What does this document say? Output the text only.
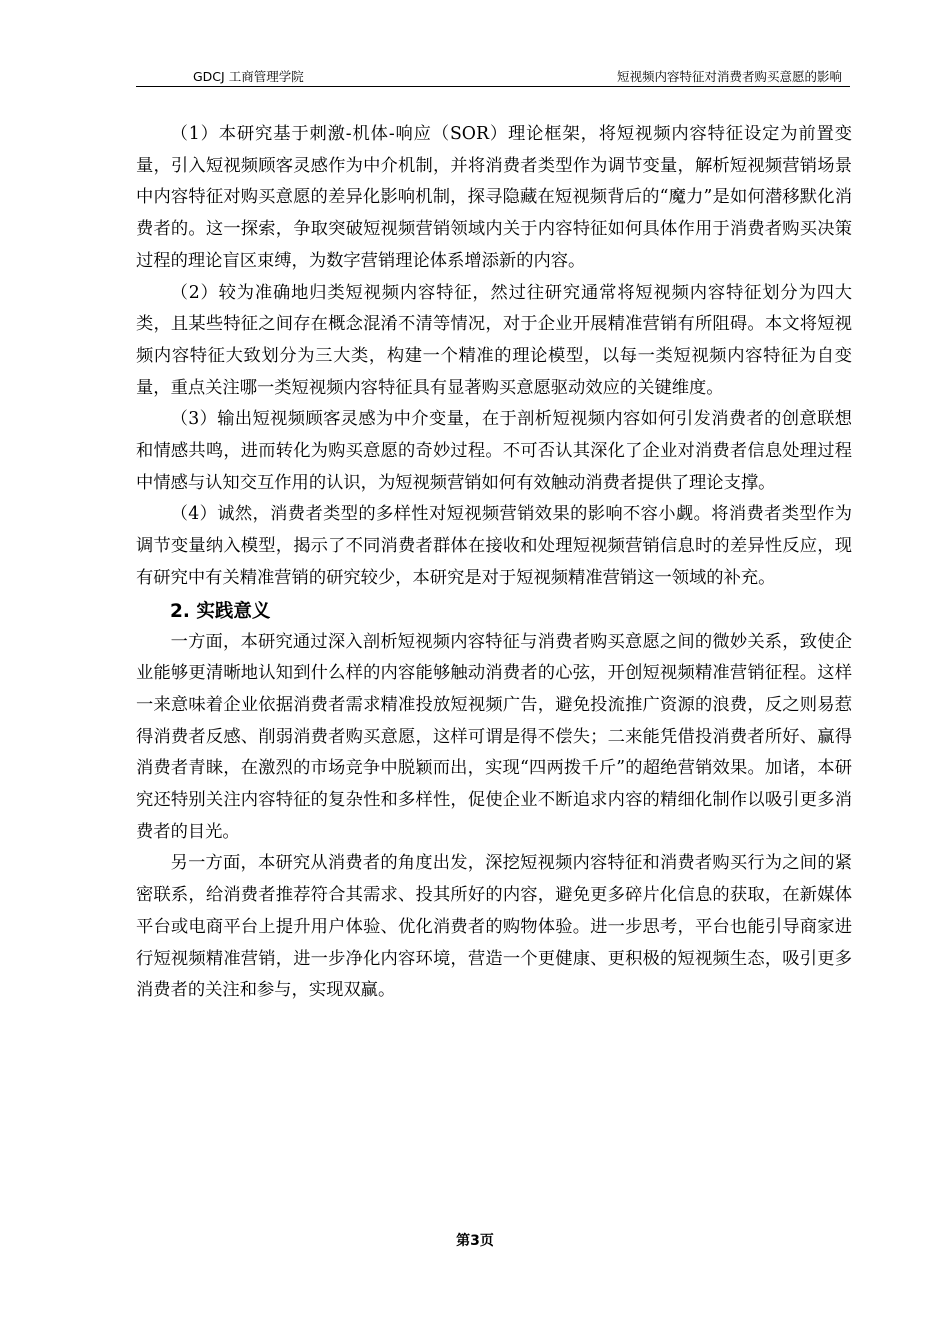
GDCJ 工商管理学院	短视频内容特征对消费者购买意愿的影响

（1）本研究基于刺激-机体-响应（SOR）理论框架，将短视频内容特征设定为前置变量，引入短视频顾客灵感作为中介机制，并将消费者类型作为调节变量，解析短视频营销场景中内容特征对购买意愿的差异化影响机制，探寻隐藏在短视频背后的“魔力”是如何潜移默化消费者的。这一探索，争取突破短视频营销领域内关于内容特征如何具体作用于消费者购买决策过程的理论盲区束缚，为数字营销理论体系增添新的内容。

（2）较为准确地归类短视频内容特征，然过往研究通常将短视频内容特征划分为四大类，且某些特征之间存在概念混淆不清等情况，对于企业开展精准营销有所阻碍。本文将短视频内容特征大致划分为三大类，构建一个精准的理论模型，以每一类短视频内容特征为自变量，重点关注哪一类短视频内容特征具有显著购买意愿驱动效应的关键维度。

（3）输出短视频顾客灵感为中介变量，在于剖析短视频内容如何引发消费者的创意联想和情感共鸣，进而转化为购买意愿的奇妙过程。不可否认其深化了企业对消费者信息处理过程中情感与认知交互作用的认识，为短视频营销如何有效触动消费者提供了理论支撑。

（4）诚然，消费者类型的多样性对短视频营销效果的影响不容小觑。将消费者类型作为调节变量纳入模型，揭示了不同消费者群体在接收和处理短视频营销信息时的差异性反应，现有研究中有关精准营销的研究较少，本研究是对于短视频精准营销这一领域的补充。

2. 实践意义

一方面，本研究通过深入剖析短视频内容特征与消费者购买意愿之间的微妙关系，致使企业能够更清晰地认知到什么样的内容能够触动消费者的心弦，开创短视频精准营销征程。这样一来意味着企业依据消费者需求精准投放短视频广告，避免投流推广资源的浪费，反之则易惹得消费者反感、削弱消费者购买意愿，这样可谓是得不偿失；二来能凭借投消费者所好、赢得消费者青睐，在激烈的市场竞争中脱颖而出，实现“四两拨千斤”的超绝营销效果。加诸，本研究还特别关注内容特征的复杂性和多样性，促使企业不断追求内容的精细化制作以吸引更多消费者的目光。

另一方面，本研究从消费者的角度出发，深挖短视频内容特征和消费者购买行为之间的紧密联系，给消费者推荐符合其需求、投其所好的内容，避免更多碎片化信息的获取，在新媒体平台或电商平台上提升用户体验、优化消费者的购物体验。进一步思考，平台也能引导商家进行短视频精准营销，进一步净化内容环境，营造一个更健康、更积极的短视频生态，吸引更多消费者的关注和参与，实现双赢。

第3页
